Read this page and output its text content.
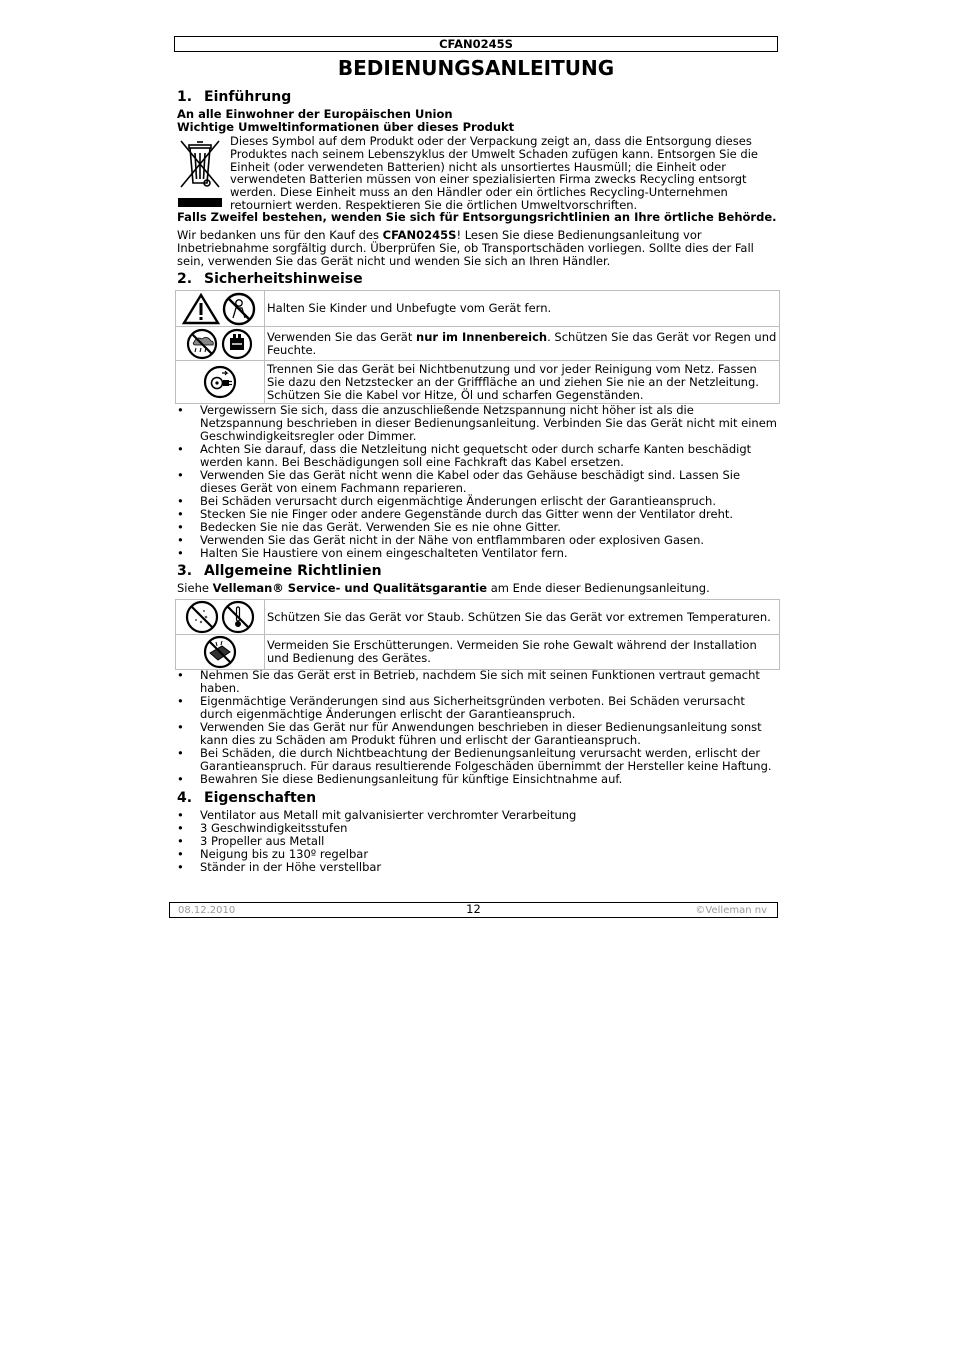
CFAN0245S
BEDIENUNGSANLEITUNG
1. Einführung
An alle Einwohner der Europäischen Union
Wichtige Umweltinformationen über dieses Produkt
Dieses Symbol auf dem Produkt oder der Verpackung zeigt an, dass die Entsorgung dieses Produktes nach seinem Lebenszyklus der Umwelt Schaden zufügen kann. Entsorgen Sie die Einheit (oder verwendeten Batterien) nicht als unsortiertes Hausmüll; die Einheit oder verwendeten Batterien müssen von einer spezialisierten Firma zwecks Recycling entsorgt werden. Diese Einheit muss an den Händler oder ein örtliches Recycling-Unternehmen retourniert werden. Respektieren Sie die örtlichen Umweltvorschriften.
Falls Zweifel bestehen, wenden Sie sich für Entsorgungsrichtlinien an Ihre örtliche Behörde.
Wir bedanken uns für den Kauf des CFAN0245S! Lesen Sie diese Bedienungsanleitung vor Inbetriebnahme sorgfältig durch. Überprüfen Sie, ob Transportschäden vorliegen. Sollte dies der Fall sein, verwenden Sie das Gerät nicht und wenden Sie sich an Ihren Händler.
2. Sicherheitshinweise
	Halten Sie Kinder und Unbefugte vom Gerät fern.
	Verwenden Sie das Gerät nur im Innenbereich. Schützen Sie das Gerät vor Regen und Feuchte.
	Trennen Sie das Gerät bei Nichtbenutzung und vor jeder Reinigung vom Netz. Fassen Sie dazu den Netzstecker an der Grifffläche an und ziehen Sie nie an der Netzleitung. Schützen Sie die Kabel vor Hitze, Öl und scharfen Gegenständen.
• Vergewissern Sie sich, dass die anzuschließende Netzspannung nicht höher ist als die Netzspannung beschrieben in dieser Bedienungsanleitung. Verbinden Sie das Gerät nicht mit einem Geschwindigkeitsregler oder Dimmer.
• Achten Sie darauf, dass die Netzleitung nicht gequetscht oder durch scharfe Kanten beschädigt werden kann. Bei Beschädigungen soll eine Fachkraft das Kabel ersetzen.
• Verwenden Sie das Gerät nicht wenn die Kabel oder das Gehäuse beschädigt sind. Lassen Sie dieses Gerät von einem Fachmann reparieren.
• Bei Schäden verursacht durch eigenmächtige Änderungen erlischt der Garantieanspruch.
• Stecken Sie nie Finger oder andere Gegenstände durch das Gitter wenn der Ventilator dreht.
• Bedecken Sie nie das Gerät. Verwenden Sie es nie ohne Gitter.
• Verwenden Sie das Gerät nicht in der Nähe von entflammbaren oder explosiven Gasen.
• Halten Sie Haustiere von einem eingeschalteten Ventilator fern.
3. Allgemeine Richtlinien
Siehe Velleman® Service- und Qualitätsgarantie am Ende dieser Bedienungsanleitung.
	Schützen Sie das Gerät vor Staub. Schützen Sie das Gerät vor extremen Temperaturen.
	Vermeiden Sie Erschütterungen. Vermeiden Sie rohe Gewalt während der Installation und Bedienung des Gerätes.
• Nehmen Sie das Gerät erst in Betrieb, nachdem Sie sich mit seinen Funktionen vertraut gemacht haben.
• Eigenmächtige Veränderungen sind aus Sicherheitsgründen verboten. Bei Schäden verursacht durch eigenmächtige Änderungen erlischt der Garantieanspruch.
• Verwenden Sie das Gerät nur für Anwendungen beschrieben in dieser Bedienungsanleitung sonst kann dies zu Schäden am Produkt führen und erlischt der Garantieanspruch.
• Bei Schäden, die durch Nichtbeachtung der Bedienungsanleitung verursacht werden, erlischt der Garantieanspruch. Für daraus resultierende Folgeschäden übernimmt der Hersteller keine Haftung.
• Bewahren Sie diese Bedienungsanleitung für künftige Einsichtnahme auf.
4. Eigenschaften
• Ventilator aus Metall mit galvanisierter verchromter Verarbeitung
• 3 Geschwindigkeitsstufen
• 3 Propeller aus Metall
• Neigung bis zu 130º regelbar
• Ständer in der Höhe verstellbar
08.12.2010	12	©Velleman nv
